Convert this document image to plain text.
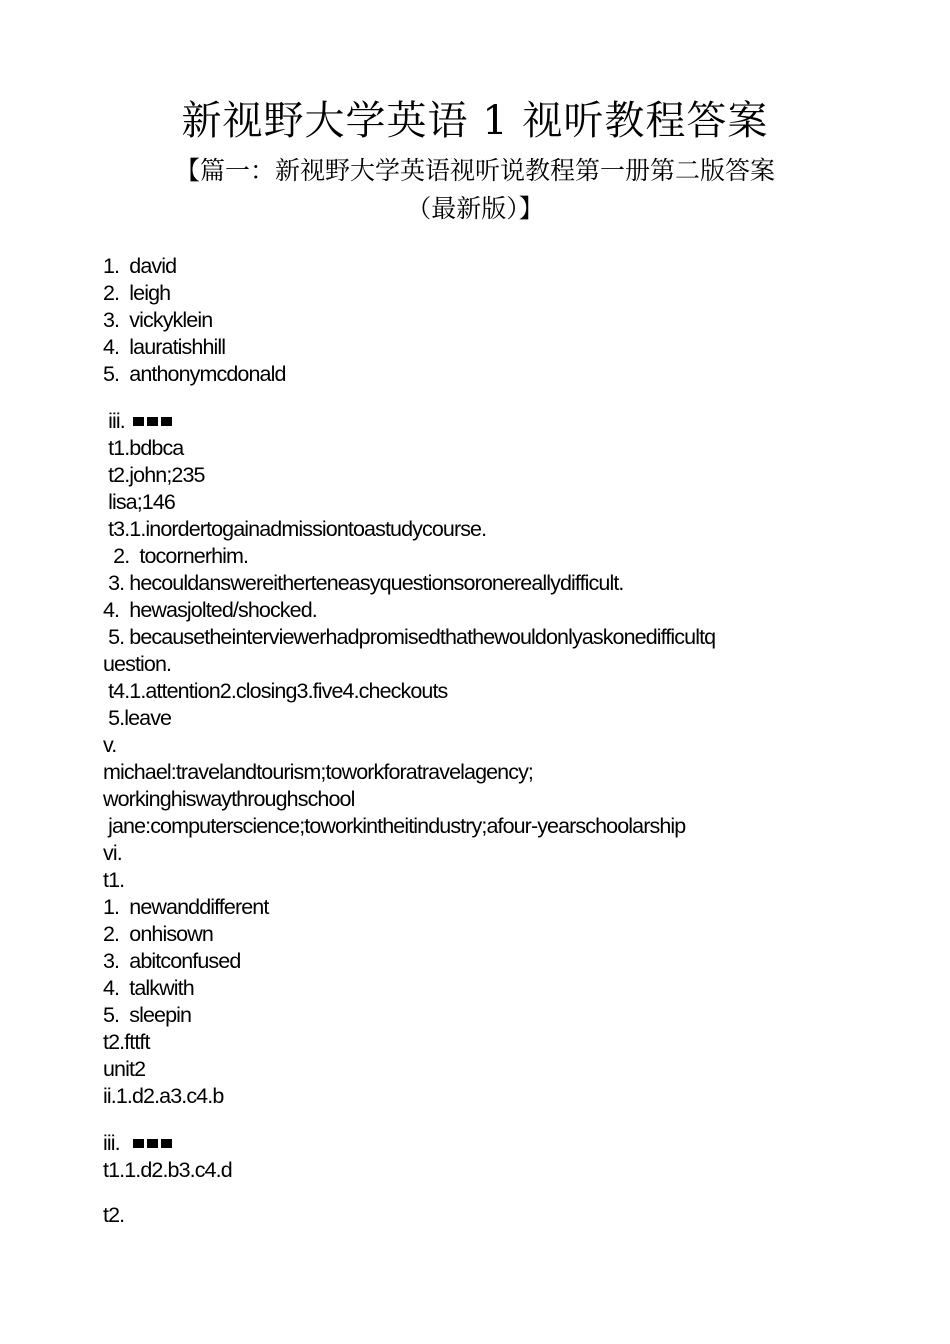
新视野大学英语 1 视听教程答案
【篇一：新视野大学英语视听说教程第一册第二版答案
（最新版）】
1.  david
2.  leigh
3.  vickyklein
4.  lauratishhill
5.  anthonymcdonald

iii.
t1.bdbca
t2.john;235
lisa;146
t3.1.inordertogainadmissiontoastudycourse.
2.  tocornerhim.
3. hecouldanswereitherteneasyquestionsoronereallydifficult.
4.  hewasjolted/shocked.
5. becausetheinterviewerhadpromisedthathewouldonlyaskonedifficultq
uestion.
t4.1.attention2.closing3.five4.checkouts
5.leave
v.
michael:travelandtourism;toworkforatravelagency;
workinghiswaythroughschool
jane:computerscience;toworkintheitindustry;afour-yearschoolarship
vi.
t1.
1.  newanddifferent
2.  onhisown
3.  abitconfused
4.  talkwith
5.  sleepin
t2.fttft
unit2
ii.1.d2.a3.c4.b

iii.
t1.1.d2.b3.c4.d
t2.
